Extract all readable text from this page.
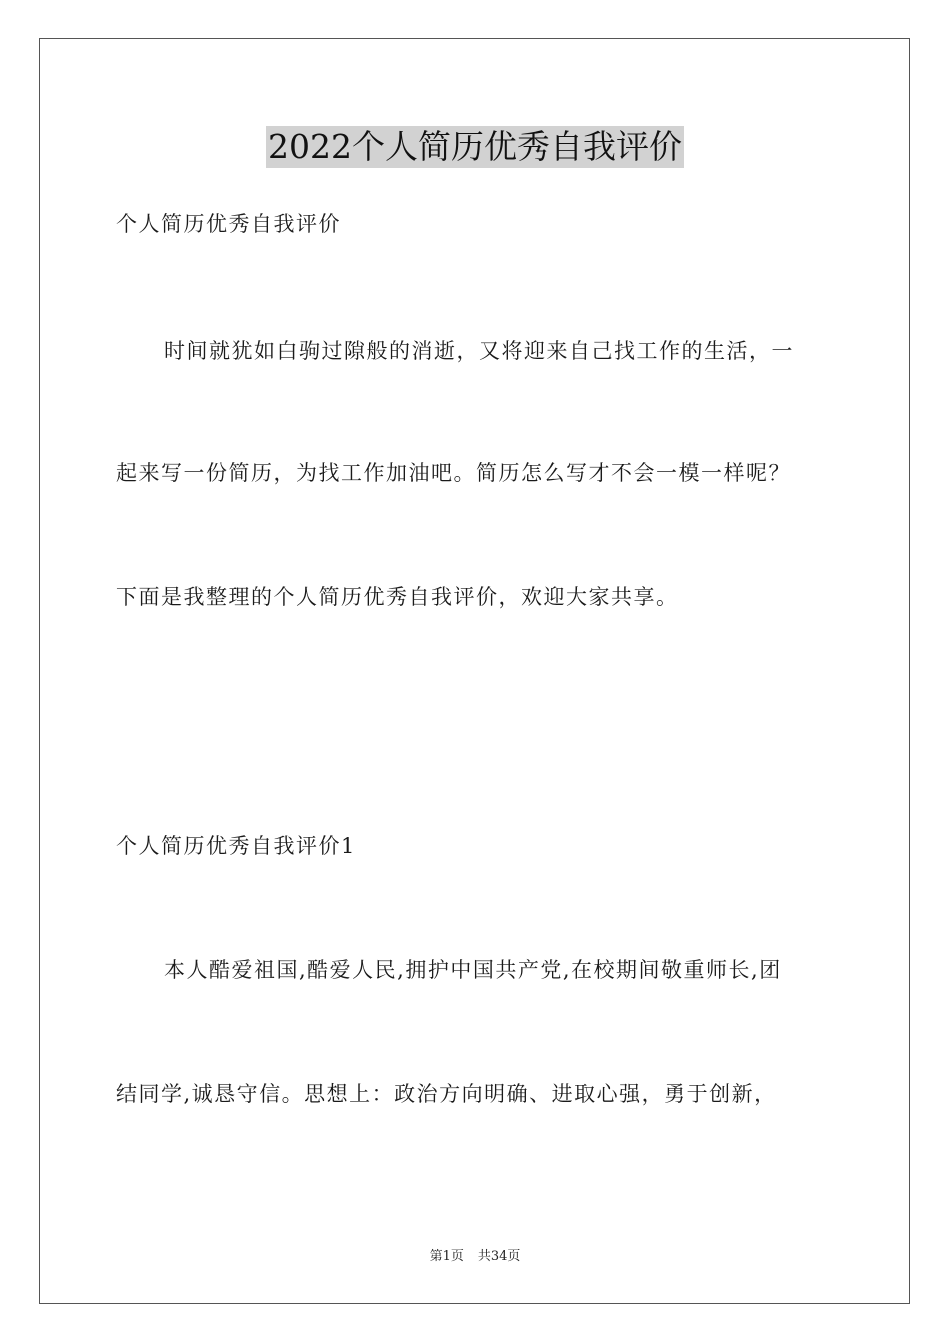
2022个人简历优秀自我评价
个人简历优秀自我评价
时间就犹如白驹过隙般的消逝，又将迎来自己找工作的生活，一
起来写一份简历，为找工作加油吧。简历怎么写才不会一模一样呢？
下面是我整理的个人简历优秀自我评价，欢迎大家共享。
个人简历优秀自我评价1
本人酷爱祖国,酷爱人民,拥护中国共产党,在校期间敬重师长,团
结同学,诚恳守信。思想上：政治方向明确、进取心强，勇于创新，
第1页 共34页
